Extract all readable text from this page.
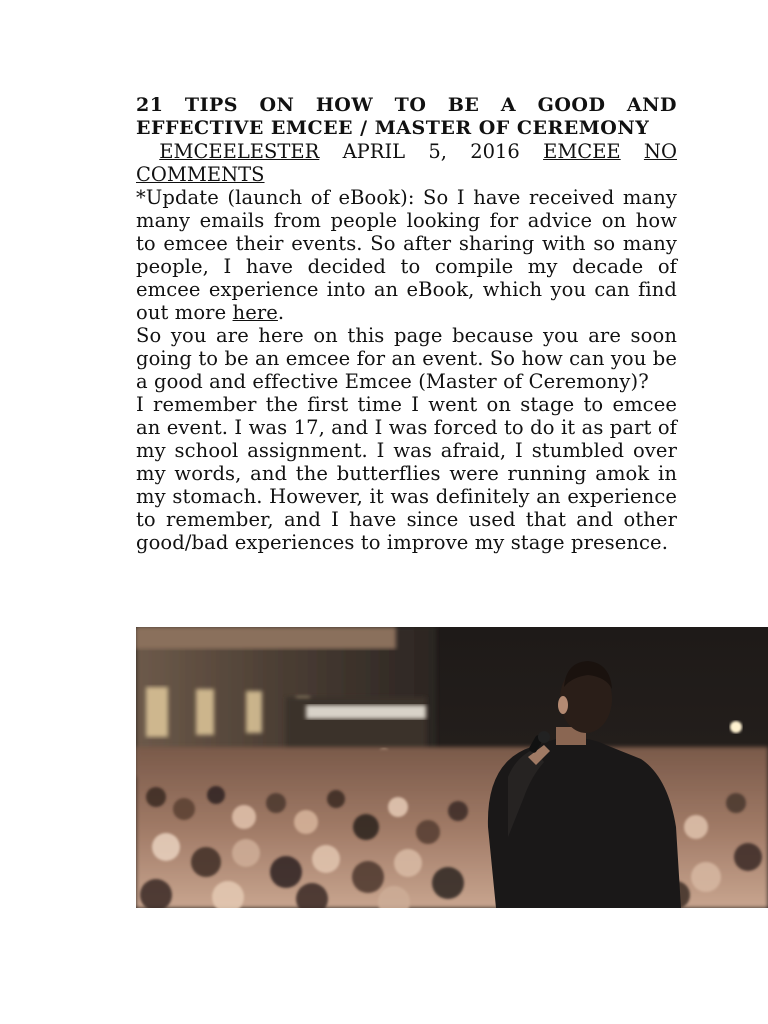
21 TIPS ON HOW TO BE A GOOD AND EFFECTIVE EMCEE / MASTER OF CEREMONY

EMCEELESTER APRIL 5, 2016 EMCEE NO COMMENTS

*Update (launch of eBook): So I have received many many emails from people looking for advice on how to emcee their events. So after sharing with so many people, I have decided to compile my decade of emcee experience into an eBook, which you can find out more here.

So you are here on this page because you are soon going to be an emcee for an event. So how can you be a good and effective Emcee (Master of Ceremony)?

I remember the first time I went on stage to emcee an event. I was 17, and I was forced to do it as part of my school assignment. I was afraid, I stumbled over my words, and the butterflies were running amok in my stomach. However, it was definitely an experience to remember, and I have since used that and other good/bad experiences to improve my stage presence.
